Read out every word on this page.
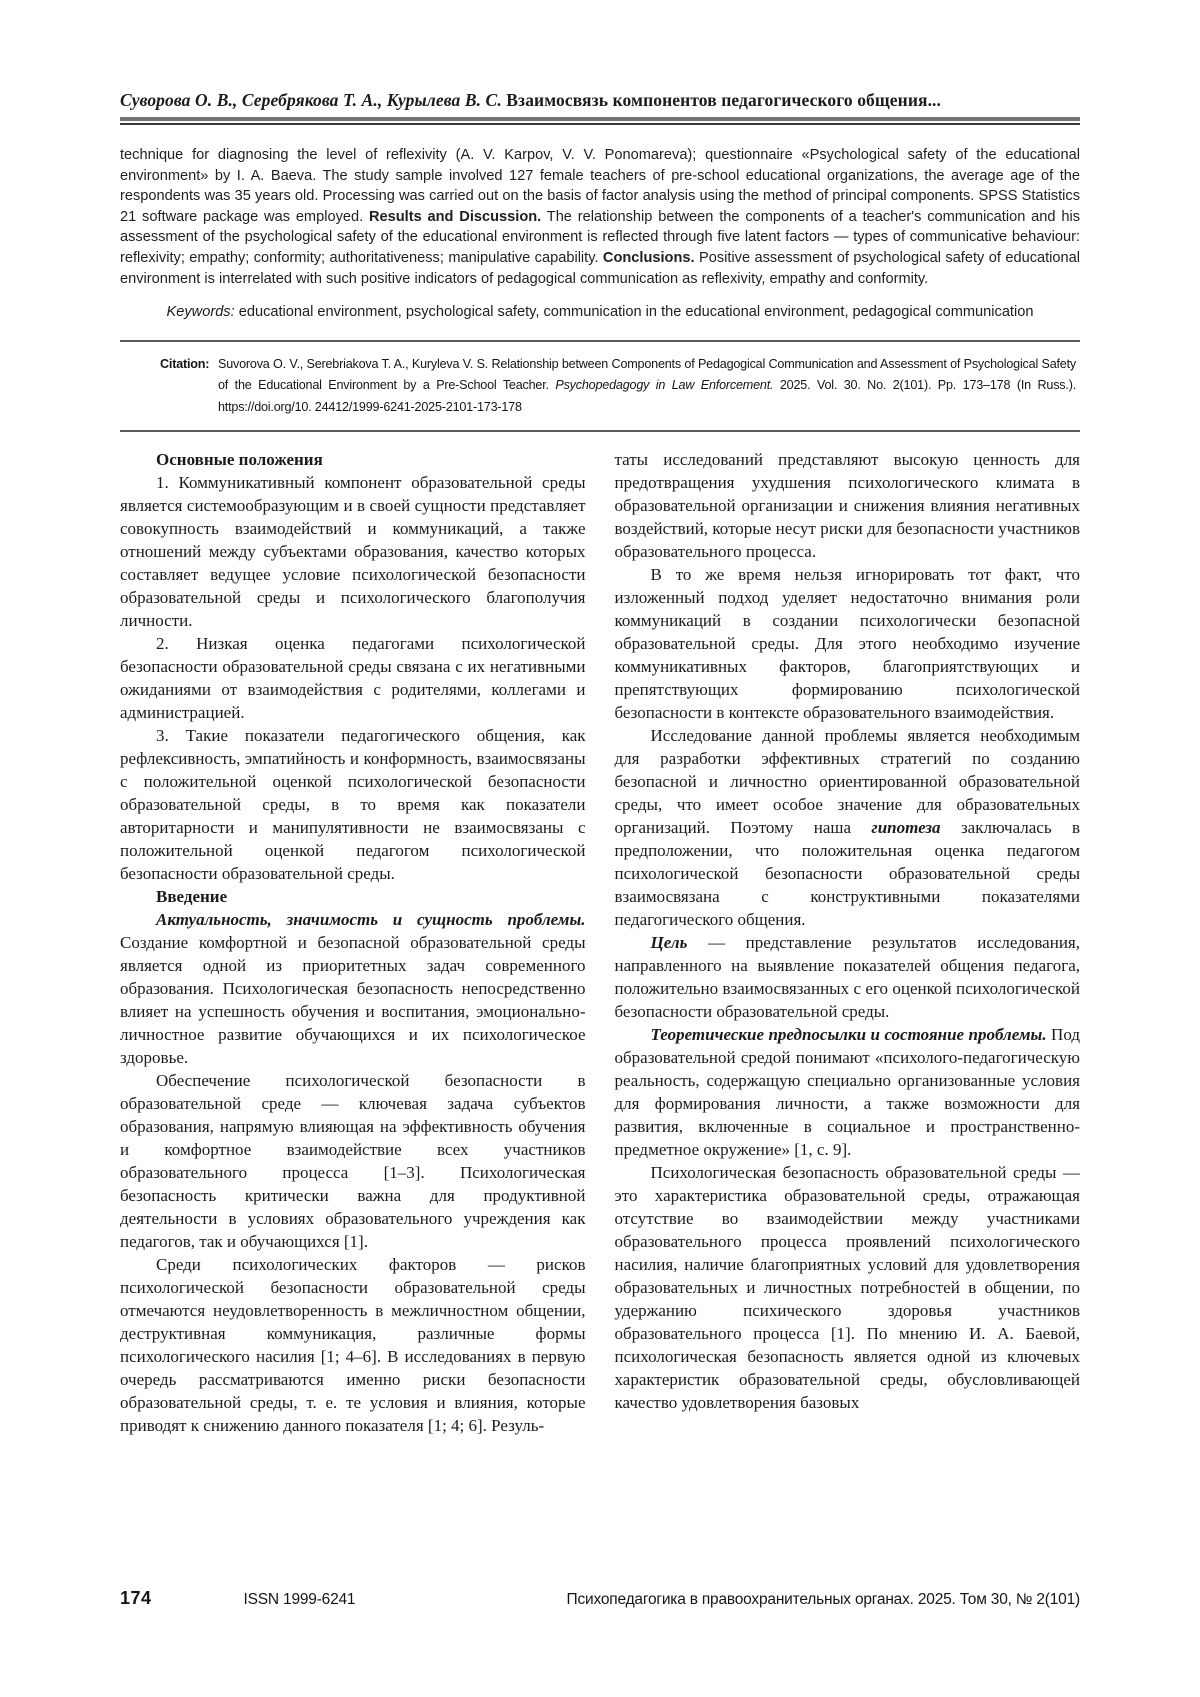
Суворова О. В., Серебрякова Т. А., Курылева В. С. Взаимосвязь компонентов педагогического общения...
technique for diagnosing the level of reflexivity (A. V. Karpov, V. V. Ponomareva); questionnaire «Psychological safety of the educational environment» by I. A. Baeva. The study sample involved 127 female teachers of pre-school educational organizations, the average age of the respondents was 35 years old. Processing was carried out on the basis of factor analysis using the method of principal components. SPSS Statistics 21 software package was employed. Results and Discussion. The relationship between the components of a teacher's communication and his assessment of the psychological safety of the educational environment is reflected through five latent factors — types of communicative behaviour: reflexivity; empathy; conformity; authoritativeness; manipulative capability. Conclusions. Positive assessment of psychological safety of educational environment is interrelated with such positive indicators of pedagogical communication as reflexivity, empathy and conformity.
Keywords: educational environment, psychological safety, communication in the educational environment, pedagogical communication
Citation: Suvorova O. V., Serebriakova T. A., Kuryleva V. S. Relationship between Components of Pedagogical Communication and Assessment of Psychological Safety of the Educational Environment by a Pre-School Teacher. Psychopedagogy in Law Enforcement. 2025. Vol. 30. No. 2(101). Pp. 173–178 (In Russ.). https://doi.org/10. 24412/1999-6241-2025-2101-173-178
Основные положения

1. Коммуникативный компонент образовательной среды является системообразующим и в своей сущности представляет совокупность взаимодействий и коммуникаций, а также отношений между субъектами образования, качество которых составляет ведущее условие психологической безопасности образовательной среды и психологического благополучия личности.

2. Низкая оценка педагогами психологической безопасности образовательной среды связана с их негативными ожиданиями от взаимодействия с родителями, коллегами и администрацией.

3. Такие показатели педагогического общения, как рефлексивность, эмпатийность и конформность, взаимосвязаны с положительной оценкой психологической безопасности образовательной среды, в то время как показатели авторитарности и манипулятивности не взаимосвязаны с положительной оценкой педагогом психологической безопасности образовательной среды.

Введение

Актуальность, значимость и сущность проблемы. Создание комфортной и безопасной образовательной среды является одной из приоритетных задач современного образования. Психологическая безопасность непосредственно влияет на успешность обучения и воспитания, эмоционально-личностное развитие обучающихся и их психологическое здоровье.

Обеспечение психологической безопасности в образовательной среде — ключевая задача субъектов образования, напрямую влияющая на эффективность обучения и комфортное взаимодействие всех участников образовательного процесса [1–3]. Психологическая безопасность критически важна для продуктивной деятельности в условиях образовательного учреждения как педагогов, так и обучающихся [1].

Среди психологических факторов — рисков психологической безопасности образовательной среды отмечаются неудовлетворенность в межличностном общении, деструктивная коммуникация, различные формы психологического насилия [1; 4–6]. В исследованиях в первую очередь рассматриваются именно риски безопасности образовательной среды, т. е. те условия и влияния, которые приводят к снижению данного показателя [1; 4; 6]. Резуль-

таты исследований представляют высокую ценность для предотвращения ухудшения психологического климата в образовательной организации и снижения влияния негативных воздействий, которые несут риски для безопасности участников образовательного процесса.

В то же время нельзя игнорировать тот факт, что изложенный подход уделяет недостаточно внимания роли коммуникаций в создании психологически безопасной образовательной среды. Для этого необходимо изучение коммуникативных факторов, благоприятствующих и препятствующих формированию психологической безопасности в контексте образовательного взаимодействия.

Исследование данной проблемы является необходимым для разработки эффективных стратегий по созданию безопасной и личностно ориентированной образовательной среды, что имеет особое значение для образовательных организаций. Поэтому наша гипотеза заключалась в предположении, что положительная оценка педагогом психологической безопасности образовательной среды взаимосвязана с конструктивными показателями педагогического общения.

Цель — представление результатов исследования, направленного на выявление показателей общения педагога, положительно взаимосвязанных с его оценкой психологической безопасности образовательной среды.

Теоретические предпосылки и состояние проблемы. Под образовательной средой понимают «психолого-педагогическую реальность, содержащую специально организованные условия для формирования личности, а также возможности для развития, включенные в социальное и пространственно-предметное окружение» [1, с. 9].

Психологическая безопасность образовательной среды — это характеристика образовательной среды, отражающая отсутствие во взаимодействии между участниками образовательного процесса проявлений психологического насилия, наличие благоприятных условий для удовлетворения образовательных и личностных потребностей в общении, по удержанию психического здоровья участников образовательного процесса [1]. По мнению И. А. Баевой, психологическая безопасность является одной из ключевых характеристик образовательной среды, обусловливающей качество удовлетворения базовых

174	ISSN 1999-6241	Психопедагогика в правоохранительных органах. 2025. Том 30, № 2(101)
